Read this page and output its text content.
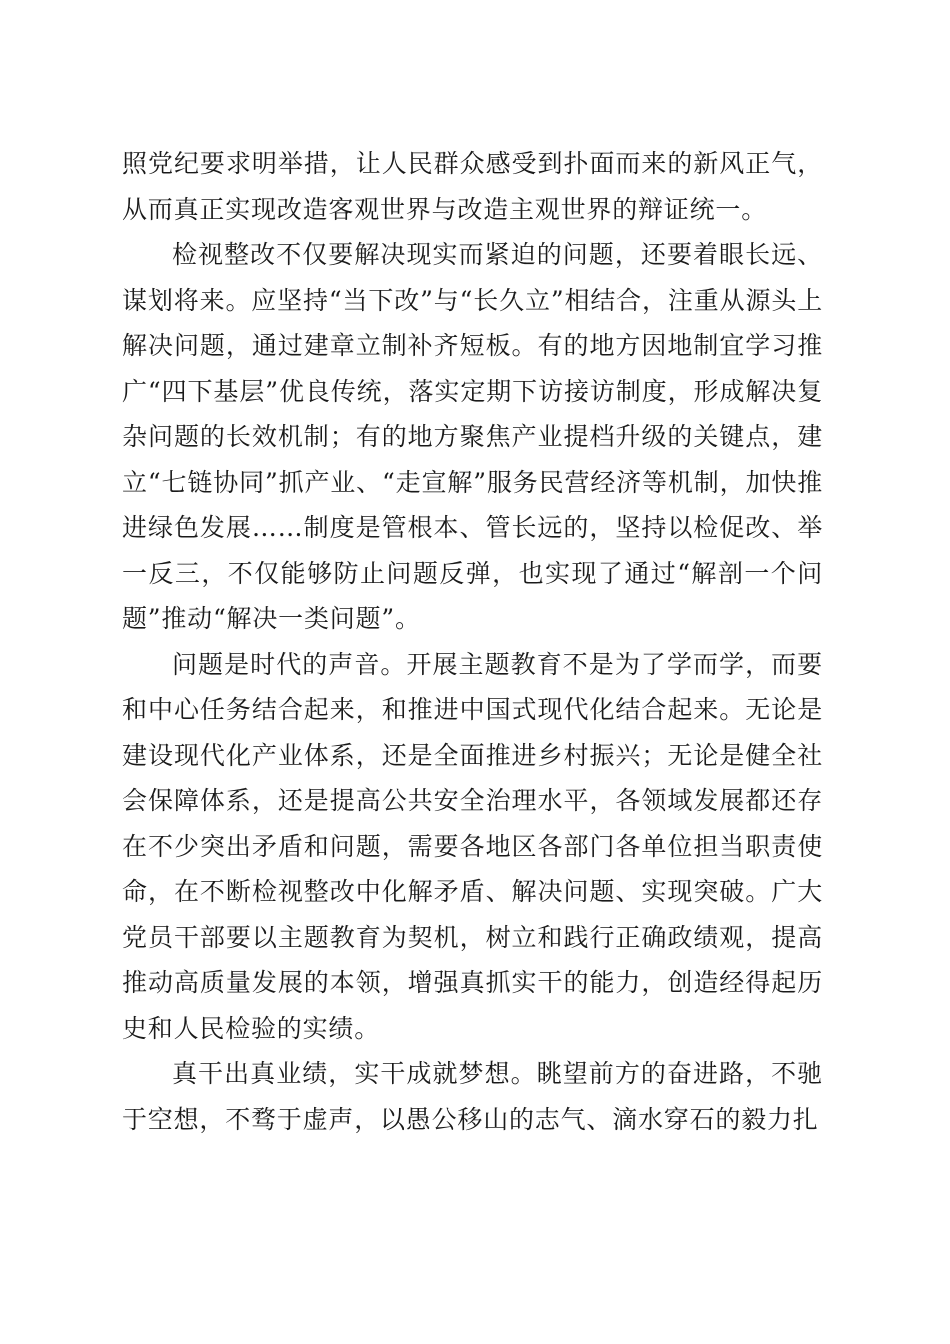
照党纪要求明举措，让人民群众感受到扑面而来的新风正气，从而真正实现改造客观世界与改造主观世界的辩证统一。

检视整改不仅要解决现实而紧迫的问题，还要着眼长远、谋划将来。应坚持“当下改”与“长久立”相结合，注重从源头上解决问题，通过建章立制补齐短板。有的地方因地制宜学习推广“四下基层”优良传统，落实定期下访接访制度，形成解决复杂问题的长效机制；有的地方聚焦产业提档升级的关键点，建立“七链协同”抓产业、“走宣解”服务民营经济等机制，加快推进绿色发展……制度是管根本、管长远的，坚持以检促改、举一反三，不仅能够防止问题反弹，也实现了通过“解剖一个问题”推动“解决一类问题”。

问题是时代的声音。开展主题教育不是为了学而学，而要和中心任务结合起来，和推进中国式现代化结合起来。无论是建设现代化产业体系，还是全面推进乡村振兴；无论是健全社会保障体系，还是提高公共安全治理水平，各领域发展都还存在不少突出矛盾和问题，需要各地区各部门各单位担当职责使命，在不断检视整改中化解矛盾、解决问题、实现突破。广大党员干部要以主题教育为契机，树立和践行正确政绩观，提高推动高质量发展的本领，增强真抓实干的能力，创造经得起历史和人民检验的实绩。

真干出真业绩，实干成就梦想。眺望前方的奋进路，不驰于空想，不骛于虚声，以愚公移山的志气、滴水穿石的毅力扎
